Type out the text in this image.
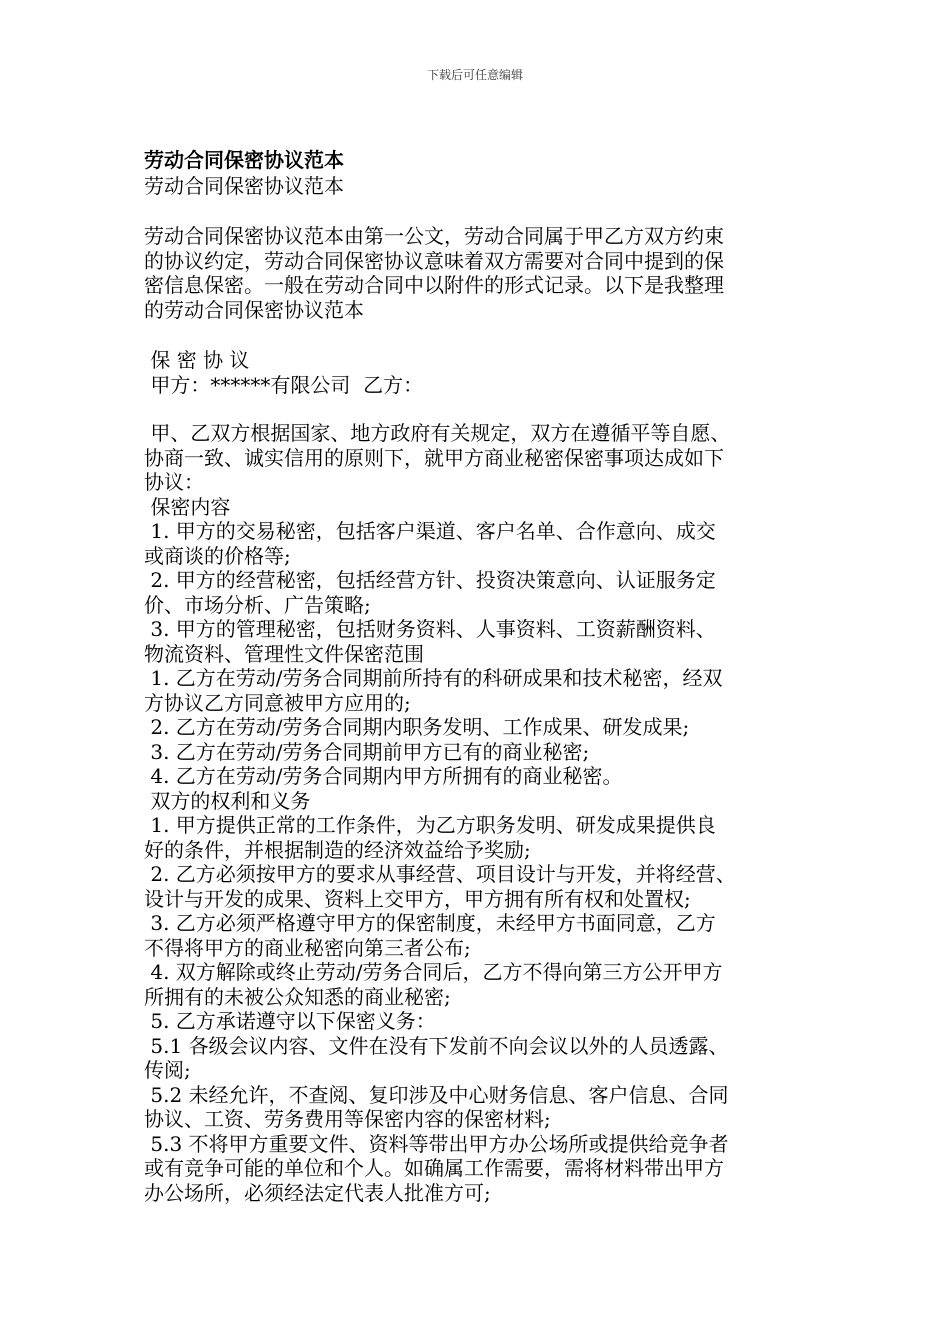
下载后可任意编辑
劳动合同保密协议范本
劳动合同保密协议范本
劳动合同保密协议范本由第一公文，劳动合同属于甲乙方双方约束
的协议约定，劳动合同保密协议意味着双方需要对合同中提到的保
密信息保密。一般在劳动合同中以附件的形式记录。以下是我整理
的劳动合同保密协议范本
保 密 协 议
甲方：******有限公司  乙方：
甲、乙双方根据国家、地方政府有关规定，双方在遵循平等自愿、
协商一致、诚实信用的原则下，就甲方商业秘密保密事项达成如下
协议：
保密内容
1. 甲方的交易秘密，包括客户渠道、客户名单、合作意向、成交
或商谈的价格等;
2. 甲方的经营秘密，包括经营方针、投资决策意向、认证服务定
价、市场分析、广告策略;
3. 甲方的管理秘密，包括财务资料、人事资料、工资薪酬资料、
物流资料、管理性文件保密范围
1. 乙方在劳动/劳务合同期前所持有的科研成果和技术秘密，经双
方协议乙方同意被甲方应用的;
2. 乙方在劳动/劳务合同期内职务发明、工作成果、研发成果;
3. 乙方在劳动/劳务合同期前甲方已有的商业秘密;
4. 乙方在劳动/劳务合同期内甲方所拥有的商业秘密。
双方的权利和义务
1. 甲方提供正常的工作条件，为乙方职务发明、研发成果提供良
好的条件，并根据制造的经济效益给予奖励;
2. 乙方必须按甲方的要求从事经营、项目设计与开发，并将经营、
设计与开发的成果、资料上交甲方，甲方拥有所有权和处置权;
3. 乙方必须严格遵守甲方的保密制度，未经甲方书面同意，乙方
不得将甲方的商业秘密向第三者公布;
4. 双方解除或终止劳动/劳务合同后，乙方不得向第三方公开甲方
所拥有的未被公众知悉的商业秘密;
5. 乙方承诺遵守以下保密义务：
5.1 各级会议内容、文件在没有下发前不向会议以外的人员透露、
传阅;
5.2 未经允许，不查阅、复印涉及中心财务信息、客户信息、合同
协议、工资、劳务费用等保密内容的保密材料;
5.3 不将甲方重要文件、资料等带出甲方办公场所或提供给竞争者
或有竞争可能的单位和个人。如确属工作需要，需将材料带出甲方
办公场所，必须经法定代表人批准方可;
